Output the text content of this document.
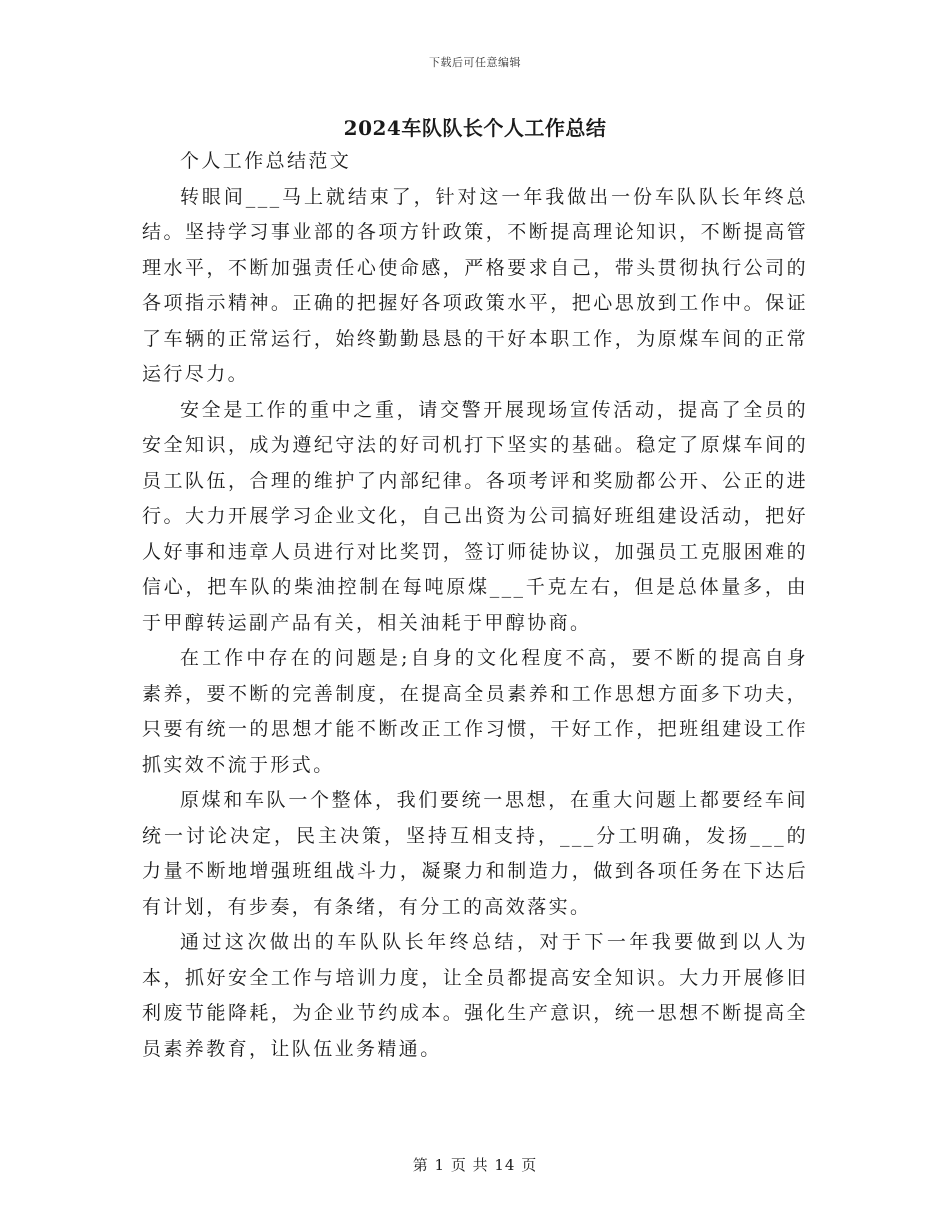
下载后可任意编辑
2024车队队长个人工作总结

个人工作总结范文

转眼间___马上就结束了，针对这一年我做出一份车队队长年终总结。坚持学习事业部的各项方针政策，不断提高理论知识，不断提高管理水平，不断加强责任心使命感，严格要求自己，带头贯彻执行公司的各项指示精神。正确的把握好各项政策水平，把心思放到工作中。保证了车辆的正常运行，始终勤勤恳恳的干好本职工作，为原煤车间的正常运行尽力。

安全是工作的重中之重，请交警开展现场宣传活动，提高了全员的安全知识，成为遵纪守法的好司机打下坚实的基础。稳定了原煤车间的员工队伍，合理的维护了内部纪律。各项考评和奖励都公开、公正的进行。大力开展学习企业文化，自己出资为公司搞好班组建设活动，把好人好事和违章人员进行对比奖罚，签订师徒协议，加强员工克服困难的信心，把车队的柴油控制在每吨原煤___千克左右，但是总体量多，由于甲醇转运副产品有关，相关油耗于甲醇协商。

在工作中存在的问题是;自身的文化程度不高，要不断的提高自身素养，要不断的完善制度，在提高全员素养和工作思想方面多下功夫，只要有统一的思想才能不断改正工作习惯，干好工作，把班组建设工作抓实效不流于形式。

原煤和车队一个整体，我们要统一思想，在重大问题上都要经车间统一讨论决定，民主决策，坚持互相支持，___分工明确，发扬___的力量不断地增强班组战斗力，凝聚力和制造力，做到各项任务在下达后有计划，有步奏，有条绪，有分工的高效落实。

通过这次做出的车队队长年终总结，对于下一年我要做到以人为本，抓好安全工作与培训力度，让全员都提高安全知识。大力开展修旧利废节能降耗，为企业节约成本。强化生产意识，统一思想不断提高全员素养教育，让队伍业务精通。

第 1 页 共 14 页
